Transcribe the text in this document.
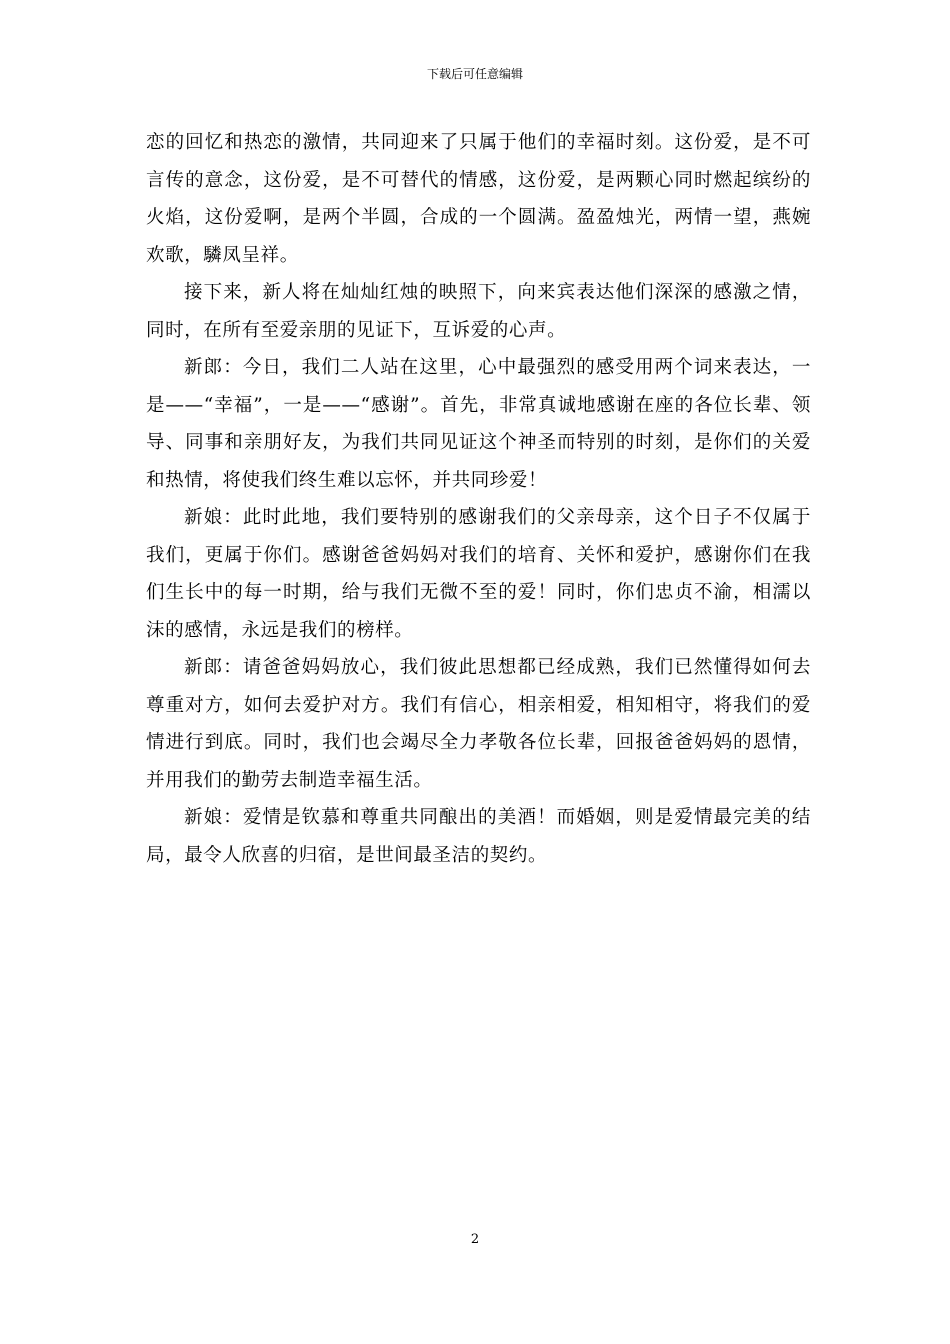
下载后可任意编辑

恋的回忆和热恋的激情，共同迎来了只属于他们的幸福时刻。这份爱，是不可言传的意念，这份爱，是不可替代的情感，这份爱，是两颗心同时燃起缤纷的火焰，这份爱啊，是两个半圆，合成的一个圆满。盈盈烛光，两情一望，燕婉欢歌，驎凤呈祥。

接下来，新人将在灿灿红烛的映照下，向来宾表达他们深深的感激之情，同时，在所有至爱亲朋的见证下，互诉爱的心声。

新郎：今日，我们二人站在这里，心中最强烈的感受用两个词来表达，一是——“幸福”，一是——“感谢”。首先，非常真诚地感谢在座的各位长辈、领导、同事和亲朋好友，为我们共同见证这个神圣而特别的时刻，是你们的关爱和热情，将使我们终生难以忘怀，并共同珍爱！

新娘：此时此地，我们要特别的感谢我们的父亲母亲，这个日子不仅属于我们，更属于你们。感谢爸爸妈妈对我们的培育、关怀和爱护，感谢你们在我们生长中的每一时期，给与我们无微不至的爱！同时，你们忠贞不渝，相濡以沫的感情，永远是我们的榜样。

新郎：请爸爸妈妈放心，我们彼此思想都已经成熟，我们已然懂得如何去尊重对方，如何去爱护对方。我们有信心，相亲相爱，相知相守，将我们的爱情进行到底。同时，我们也会竭尽全力孝敬各位长辈，回报爸爸妈妈的恩情，并用我们的勤劳去制造幸福生活。

新娘：爱情是钦慕和尊重共同酿出的美酒！而婚姻，则是爱情最完美的结局，最令人欣喜的归宿，是世间最圣洁的契约。

2
